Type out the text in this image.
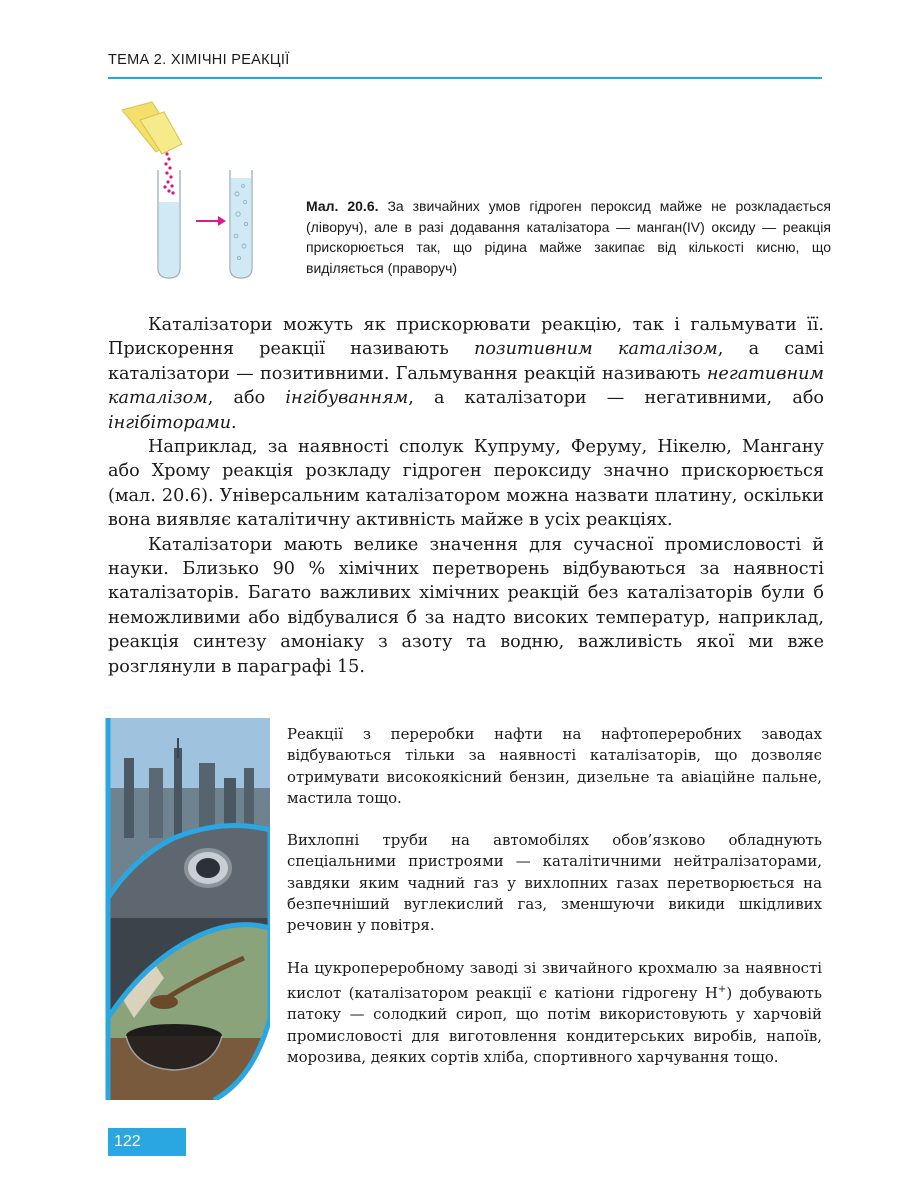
ТЕМА 2. ХІМІЧНІ РЕАКЦІЇ
Мал. 20.6. За звичайних умов гідроген пероксид майже не розкладається (ліворуч), але в разі додавання каталізатора — манган(IV) оксиду — реакція прискорюється так, що рідина майже закипає від кількості кисню, що виділяється (праворуч)

Каталізатори можуть як прискорювати реакцію, так і гальмувати її. Прискорення реакції називають позитивним каталізом, а самі каталізатори — позитивними. Гальмування реакцій називають негативним каталізом, або інгібуванням, а каталізатори — негативними, або інгібіторами.

Наприклад, за наявності сполук Купруму, Феруму, Нікелю, Мангану або Хрому реакція розкладу гідроген пероксиду значно прискорюється (мал. 20.6). Універсальним каталізатором можна назвати платину, оскільки вона виявляє каталітичну активність майже в усіх реакціях.

Каталізатори мають велике значення для сучасної промисловості й науки. Близько 90 % хімічних перетворень відбуваються за наявності каталізаторів. Багато важливих хімічних реакцій без каталізаторів були б неможливими або відбувалися б за надто високих температур, наприклад, реакція синтезу амоніаку з азоту та водню, важливість якої ми вже розглянули в параграфі 15.

Реакції з переробки нафти на нафтопереробних заводах відбуваються тільки за наявності каталізаторів, що дозволяє отримувати високоякісний бензин, дизельне та авіаційне пальне, мастила тощо.

Вихлопні труби на автомобілях обов’язково обладнують спеціальними пристроями — каталітичними нейтралізаторами, завдяки яким чадний газ у вихлопних газах перетворюється на безпечніший вуглекислий газ, зменшуючи викиди шкідливих речовин у повітря.

На цукропереробному заводі зі звичайного крохмалю за наявності кислот (каталізатором реакції є катіони гідрогену H+) добувають патоку — солодкий сироп, що потім використовують у харчовій промисловості для виготовлення кондитерських виробів, напоїв, морозива, деяких сортів хліба, спортивного харчування тощо.

122
